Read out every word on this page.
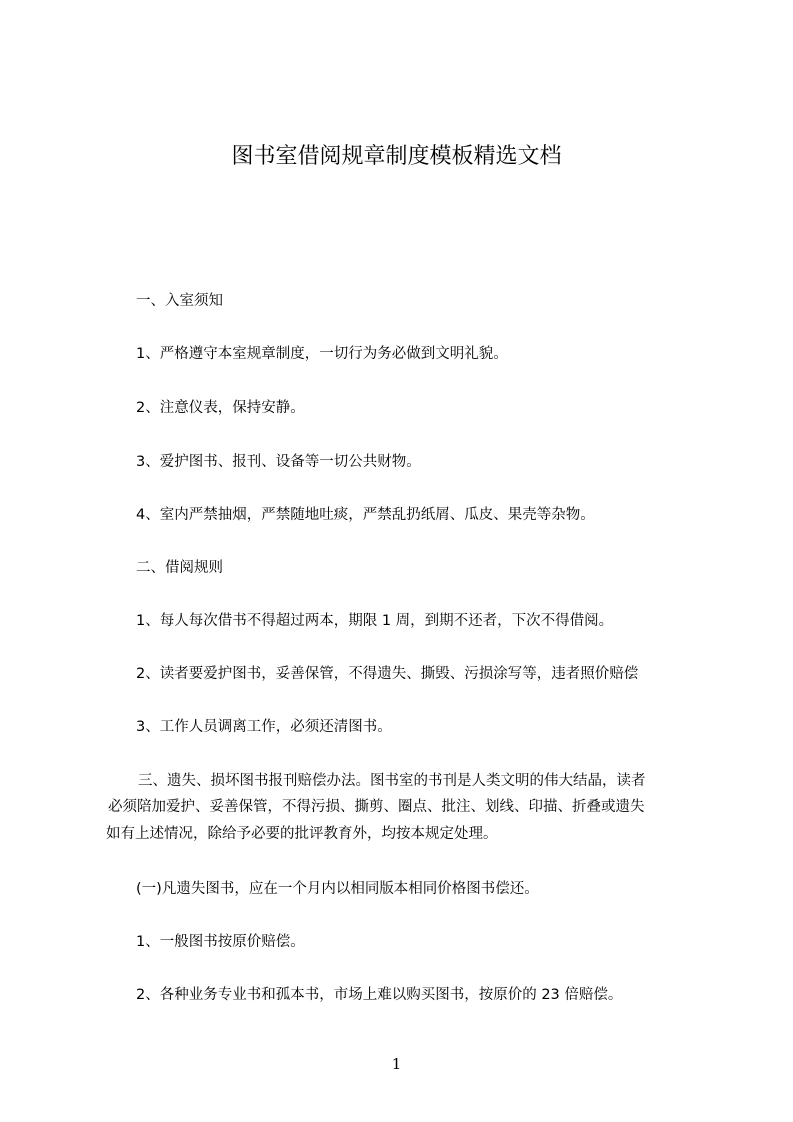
图书室借阅规章制度模板精选文档
一、入室须知
1、严格遵守本室规章制度，一切行为务必做到文明礼貌。
2、注意仪表，保持安静。
3、爱护图书、报刊、设备等一切公共财物。
4、室内严禁抽烟，严禁随地吐痰，严禁乱扔纸屑、瓜皮、果壳等杂物。
二、借阅规则
1、每人每次借书不得超过两本，期限 1 周，到期不还者，下次不得借阅。
2、读者要爱护图书，妥善保管，不得遗失、撕毁、污损涂写等，违者照价赔偿
3、工作人员调离工作，必须还清图书。
三、遗失、损坏图书报刊赔偿办法。图书室的书刊是人类文明的伟大结晶，读者
必须陪加爱护、妥善保管，不得污损、撕剪、圈点、批注、划线、印描、折叠或遗失
如有上述情况，除给予必要的批评教育外，均按本规定处理。
(一)凡遗失图书，应在一个月内以相同版本相同价格图书偿还。
1、一般图书按原价赔偿。
2、各种业务专业书和孤本书，市场上难以购买图书，按原价的 23 倍赔偿。
1
